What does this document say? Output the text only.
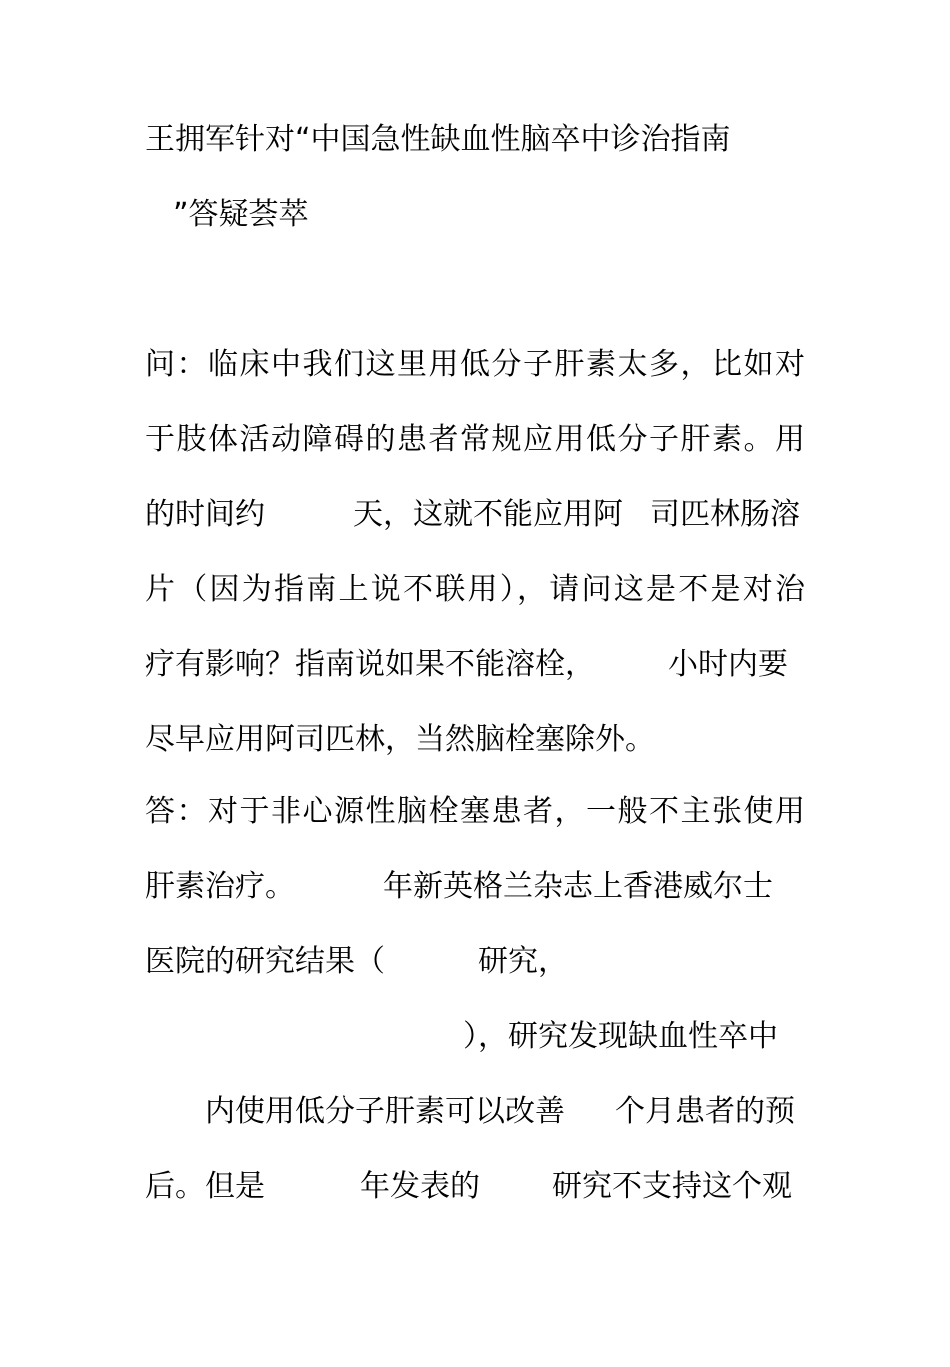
王拥军针对“中国急性缺血性脑卒中诊治指南

”答疑荟萃

问：临床中我们这里用低分子肝素太多，比如对

于肢体活动障碍的患者常规应用低分子肝素。用

的时间约

	天，这就不能应用阿

司匹林肠溶

片（因为指南上说不联用），请问这是不是对治

疗有影响？指南说如果不能溶栓，

小时内要

尽早应用阿司匹林，当然脑栓塞除外。

答：对于非心源性脑栓塞患者，一般不主张使用

肝素治疗。

	年新英格兰杂志上香港威尔士

医院的研究结果（

	研究，

），研究发现缺血性卒中

内使用低分子肝素可以改善

个月患者的预

后。但是

	年发表的

研究不支持这个观
